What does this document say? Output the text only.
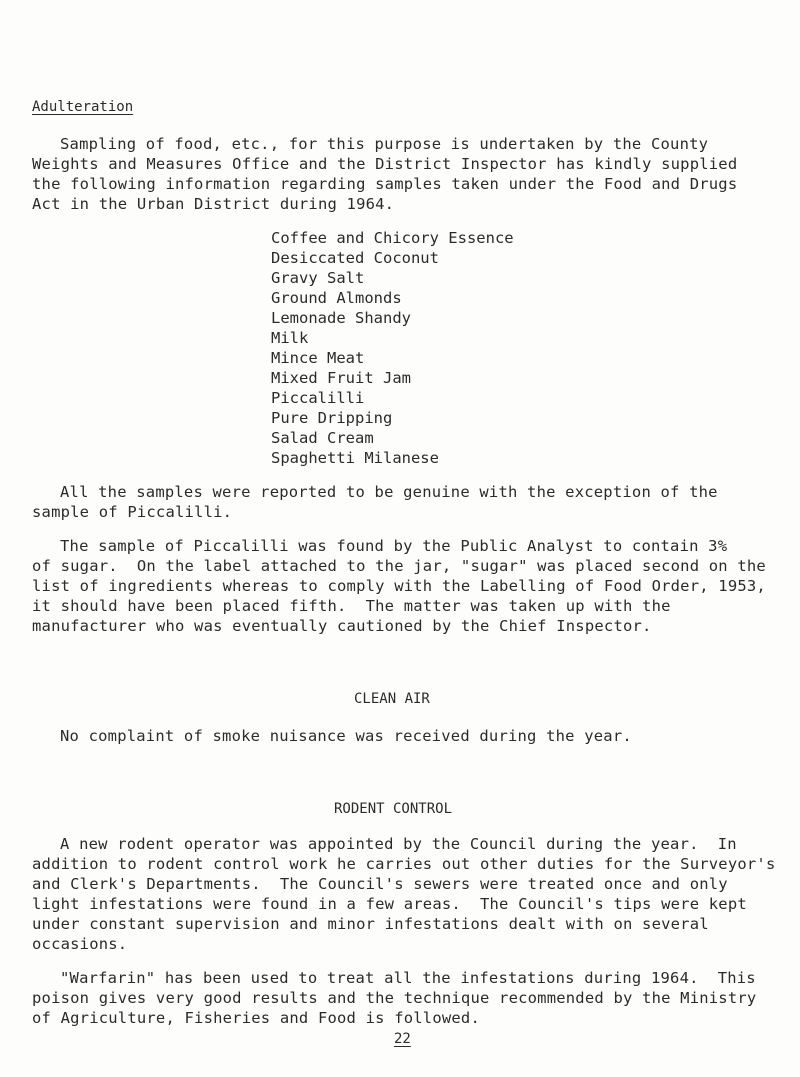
Adulteration
Sampling of food, etc., for this purpose is undertaken by the County
Weights and Measures Office and the District Inspector has kindly supplied
the following information regarding samples taken under the Food and Drugs
Act in the Urban District during 1964.
Coffee and Chicory Essence
Desiccated Coconut
Gravy Salt
Ground Almonds
Lemonade Shandy
Milk
Mince Meat
Mixed Fruit Jam
Piccalilli
Pure Dripping
Salad Cream
Spaghetti Milanese
All the samples were reported to be genuine with the exception of the
sample of Piccalilli.
The sample of Piccalilli was found by the Public Analyst to contain 3%
of sugar.  On the label attached to the jar, "sugar" was placed second on the
list of ingredients whereas to comply with the Labelling of Food Order, 1953,
it should have been placed fifth.  The matter was taken up with the
manufacturer who was eventually cautioned by the Chief Inspector.
CLEAN AIR
No complaint of smoke nuisance was received during the year.
RODENT CONTROL
A new rodent operator was appointed by the Council during the year.  In
addition to rodent control work he carries out other duties for the Surveyor's
and Clerk's Departments.  The Council's sewers were treated once and only
light infestations were found in a few areas.  The Council's tips were kept
under constant supervision and minor infestations dealt with on several
occasions.
"Warfarin" has been used to treat all the infestations during 1964.  This
poison gives very good results and the technique recommended by the Ministry
of Agriculture, Fisheries and Food is followed.
22
